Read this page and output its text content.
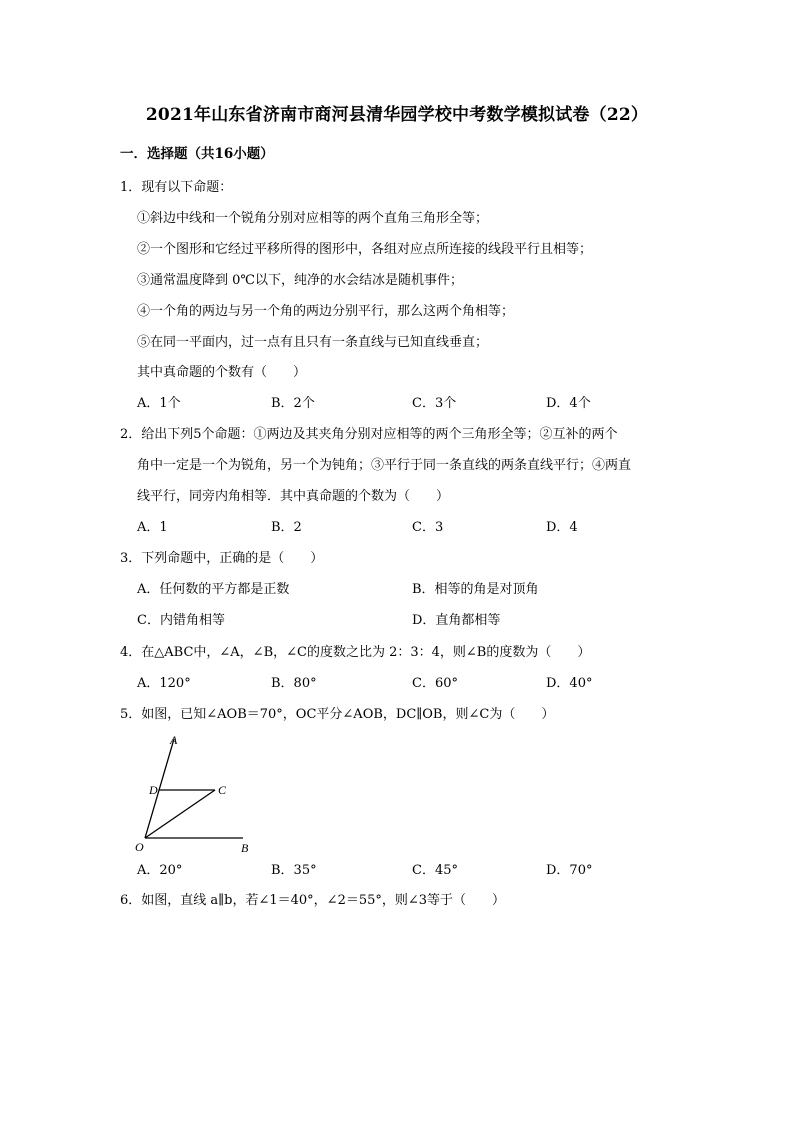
2021年山东省济南市商河县清华园学校中考数学模拟试卷（22）
一．选择题（共16小题）
1．现有以下命题：
①斜边中线和一个锐角分别对应相等的两个直角三角形全等；
②一个图形和它经过平移所得的图形中，各组对应点所连接的线段平行且相等；
③通常温度降到 0℃以下，纯净的水会结冰是随机事件；
④一个角的两边与另一个角的两边分别平行，那么这两个角相等；
⑤在同一平面内，过一点有且只有一条直线与已知直线垂直；
其中真命题的个数有（　　）
A．1个	B．2个	C．3个	D．4个
2．给出下列5个命题：①两边及其夹角分别对应相等的两个三角形全等；②互补的两个
角中一定是一个为锐角，另一个为钝角；③平行于同一条直线的两条直线平行；④两直
线平行，同旁内角相等．其中真命题的个数为（　　）
A．1	B．2	C．3	D．4
3．下列命题中，正确的是（　　）
A．任何数的平方都是正数	B．相等的角是对顶角
C．内错角相等	D．直角都相等
4．在△ABC中，∠A，∠B，∠C的度数之比为 2：3：4，则∠B的度数为（　　）
A．120°	B．80°	C．60°	D．40°
5．如图，已知∠AOB＝70°，OC平分∠AOB，DC∥OB，则∠C为（　　）
A
D	C
O	B
A．20°	B．35°	C．45°	D．70°
6．如图，直线 a∥b，若∠1＝40°，∠2＝55°，则∠3等于（　　）
